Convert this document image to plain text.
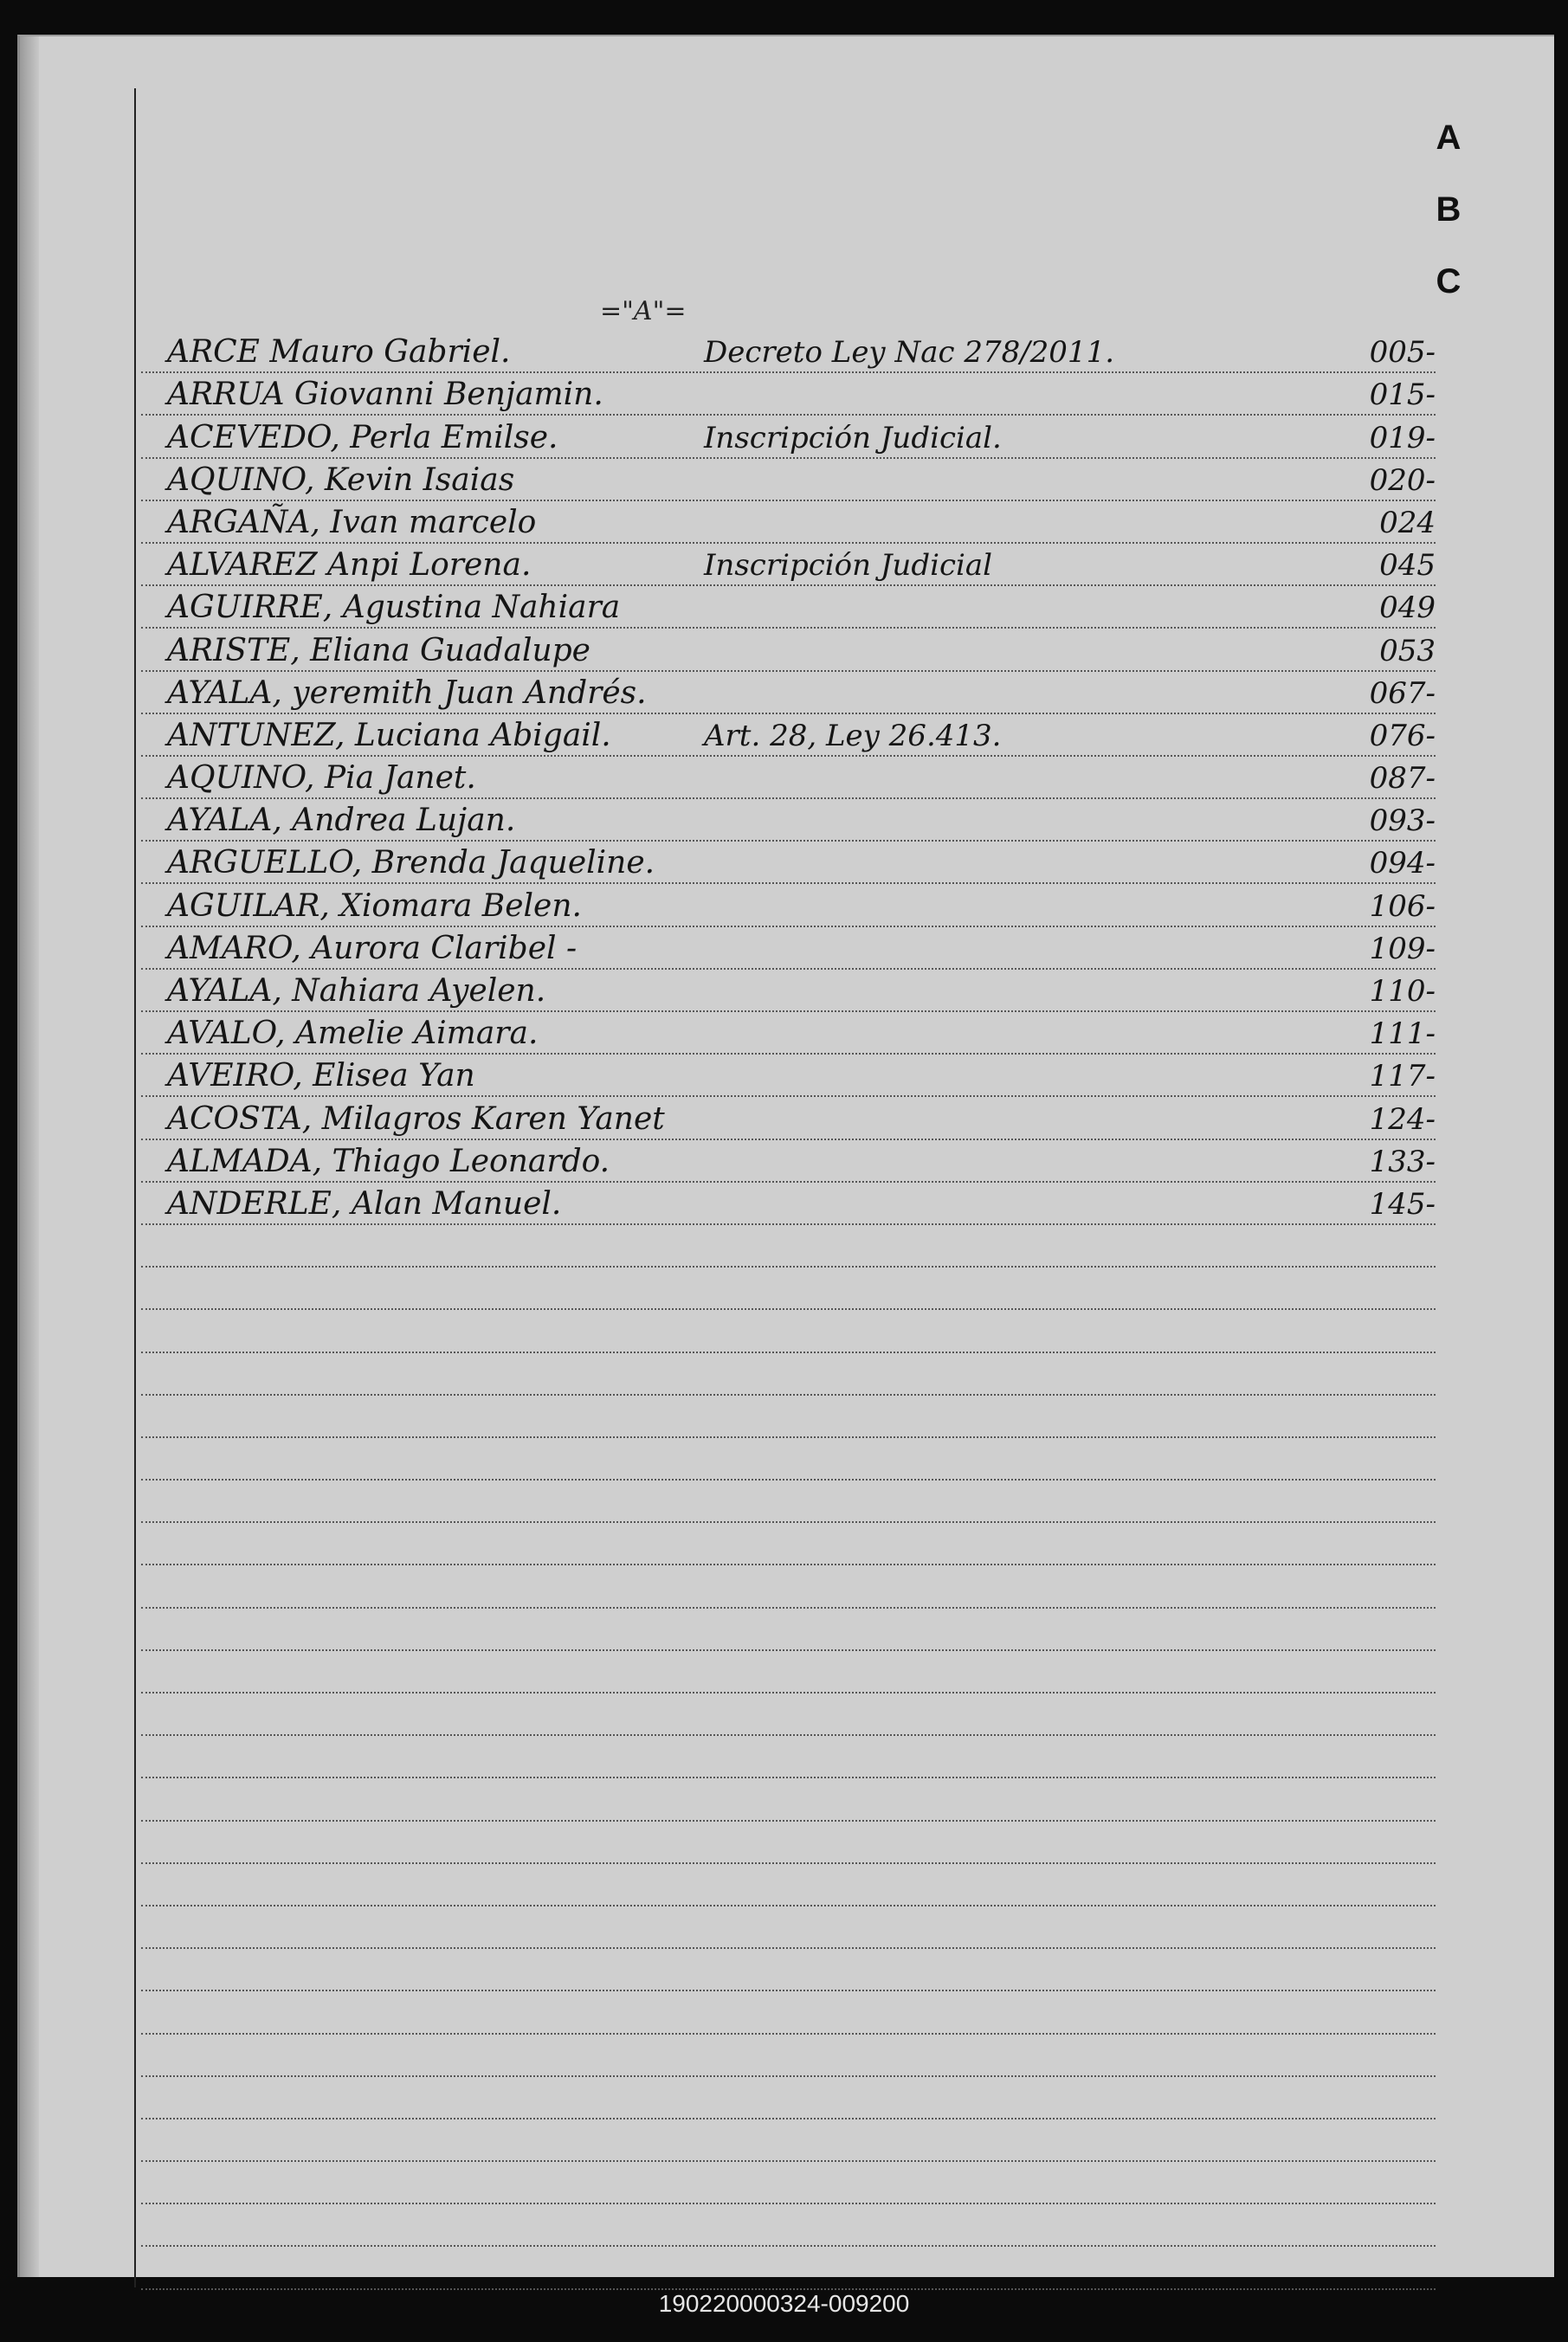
A
B
C
="A"=
ARCE Mauro Gabriel.	Decreto Ley Nac 278/2011.	005-
ARRUA Giovanni Benjamin.	015-
ACEVEDO, Perla Emilse.	Inscripción Judicial.	019-
AQUINO, Kevin Isaias	020-
ARGAÑA, Ivan marcelo	024
ALVAREZ Anpi Lorena.	Inscripción Judicial	045
AGUIRRE, Agustina Nahiara	049
ARISTE, Eliana Guadalupe	053
AYALA, yeremith Juan Andrés.	067-
ANTUNEZ, Luciana Abigail.	Art. 28, Ley 26.413.	076-
AQUINO, Pia Janet.	087-
AYALA, Andrea Lujan.	093-
ARGUELLO, Brenda Jaqueline.	094-
AGUILAR, Xiomara Belen.	106-
AMARO, Aurora Claribel -	109-
AYALA, Nahiara Ayelen.	110-
AVALO, Amelie Aimara.	111-
AVEIRO, Elisea Yan	117-
ACOSTA, Milagros Karen Yanet	124-
ALMADA, Thiago Leonardo.	133-
ANDERLE, Alan Manuel.	145-
190220000324-009200
